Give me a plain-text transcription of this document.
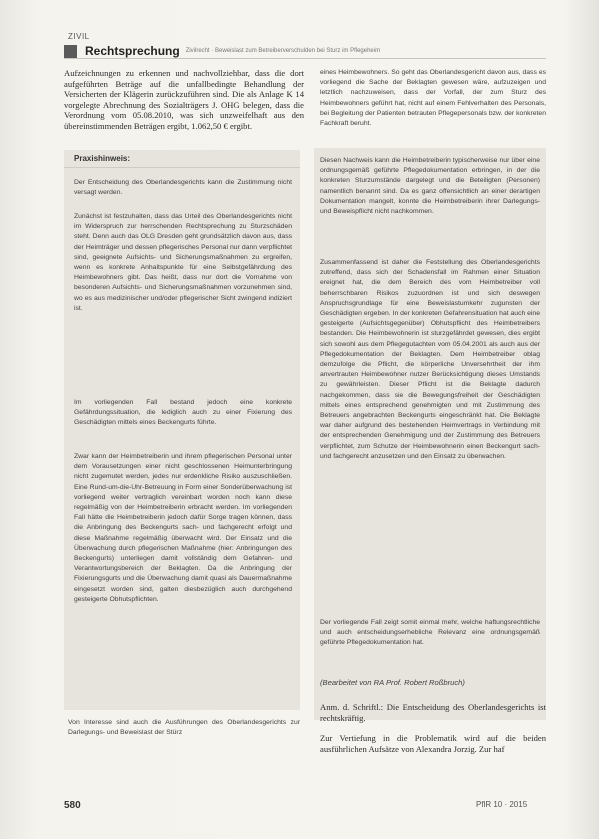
ZIVIL
Rechtsprechung Zivilrecht · Beweislast zum Betreiberverschulden bei Sturz im Pflegeheim

Aufzeichnungen zu erkennen und nachvollziehbar, dass die dort aufgeführten Beträge auf die unfallbedingte Behandlung der Versicherten der Klägerin zurückzuführen sind. Die als Anlage K 14 vorgelegte Abrechnung des Sozialträgers J. OHG belegen, dass die Verordnung vom 05.08.2010, was sich unzweifelhaft aus den übereinstimmenden Beträgen ergibt, 1.062,50 € ergibt.

Praxishinweis:

Der Entscheidung des Oberlandesgerichts kann die Zustimmung nicht versagt werden.

Zunächst ist festzuhalten, dass das Urteil des Oberlandesgerichts nicht im Widerspruch zur herrschenden Rechtsprechung zu Sturzschäden steht. Denn auch das OLG Dresden geht grundsätzlich davon aus, dass der Heimträger und dessen pflegerisches Personal nur dann verpflichtet sind, geeignete Aufsichts- und Sicherungsmaßnahmen zu ergreifen, wenn es konkrete Anhaltspunkte für eine Selbstgefährdung des Heimbewohners gibt. Das heißt, dass nur dort die Vornahme von besonderen Aufsichts- und Sicherungsmaßnahmen vorzunehmen sind, wo es aus medizinischer und/oder pflegerischer Sicht zwingend indiziert ist.

Im vorliegenden Fall bestand jedoch eine konkrete Gefährdungssituation, die lediglich auch zu einer Fixierung des Geschädigten mittels eines Beckengurts führte.

Zwar kann der Heimbetreiberin und ihrem pflegerischen Personal unter dem Vorausetzungen einer nicht geschlossenen Heimunterbringung nicht zugemutet werden, jedes nur erdenkliche Risiko auszuschließen. Eine Rund-um-die-Uhr-Betreuung in Form einer Sonderüberwachung ist vorliegend weiter vertraglich vereinbart worden noch kann diese regelmäßig von der Heimbetreiberin erbracht werden. Im vorliegenden Fall hätte die Heimbetreiberin jedoch dafür Sorge tragen können, dass die Anbringung des Beckengurts sach- und fachgerecht erfolgt und diese Maßnahme regelmäßig überwacht wird. Der Einsatz und die Überwachung durch pflegerischen Maßnahme (hier: Anbringungen des Beckengurts) unterliegen damit vollständig dem Gefahren- und Verantwortungsbereich der Beklagten. Da die Anbringung der Fixierungsgurts und die Überwachung damit quasi als Dauermaßnahme eingesetzt worden sind, galten diesbezüglich auch durchgehend gesteigerte Obhutspflichten.

Von Interesse sind auch die Ausführungen des Oberlandesgerichts zur Darlegungs- und Beweislast der Stürz

eines Heimbewohners. So geht das Oberlandesgericht davon aus, dass es vorliegend die Sache der Beklagten gewesen wäre, aufzuzeigen und letztlich nachzuweisen, dass der Vorfall, der zum Sturz des Heimbewohners geführt hat, nicht auf einem Fehlverhalten des Personals, bei Begleitung der Patienten betrauten Pflegepersonals bzw. der konkreten Fachkraft beruht.

Diesen Nachweis kann die Heimbetreiberin typischerweise nur über eine ordnungsgemäß geführte Pflegedokumentation erbringen, in der die konkreten Sturzumstände dargelegt und die Beteiligten (Personen) namentlich benannt sind. Da es ganz offensichtlich an einer derartigen Dokumentation mangelt, konnte die Heimbetreiberin ihrer Darlegungs- und Beweispflicht nicht nachkommen.

Zusammenfassend ist daher die Feststellung des Oberlandesgerichts zutreffend, dass sich der Schadensfall im Rahmen einer Situation ereignet hat, die dem Bereich des vom Heimbetreiber voll beherrschbaren Risikos zuzuordnen ist und sich deswegen Anspruchsgrundlage für eine Beweislastumkehr zugunsten der Geschädigten ergeben. In der konkreten Gefahrensituation hat auch eine gesteigerte (Aufsichtsgegenüber) Obhutspflicht des Heimbetreibers bestanden. Die Heimbewohnerin ist sturzgefährdet gewesen, dies ergibt sich sowohl aus dem Pflegegutachten vom 05.04.2001 als auch aus der Pflegedokumentation der Beklagten. Dem Heimbetreiber oblag demzufolge die Pflicht, die körperliche Unversehrtheit der ihm anvertrauten Heimbewohner nutzer Berücksichtigung dieses Umstands zu gewährleisten. Dieser Pflicht ist die Beklagte dadurch nachgekommen, dass sie die Bewegungsfreiheit der Geschädigten mittels eines entsprechend genehmigten und mit Zustimmung des Betreuers angebrachten Beckengurts eingeschränkt hat. Die Beklagte war daher aufgrund des bestehenden Heimvertrags in Verbindung mit der entsprechenden Genehmigung und der Zustimmung des Betreuers verpflichtet, zum Schutze der Heimbewohnerin einen Beckengurt sach- und fachgerecht anzusetzen und den Einsatz zu überwachen.

Der vorliegende Fall zeigt somit einmal mehr, welche haftungsrechtliche und auch entscheidungserhebliche Relevanz eine ordnungsgemäß geführte Pflegedokumentation hat.

(Bearbeitet von RA Prof. Robert Roßbruch)

Anm. d. Schriftl.: Die Entscheidung des Oberlandesgerichts ist rechtskräftig.

Zur Vertiefung in die Problematik wird auf die beiden ausführlichen Aufsätze von Alexandra Jorzig. Zur haf

580	PflR 10 · 2015
